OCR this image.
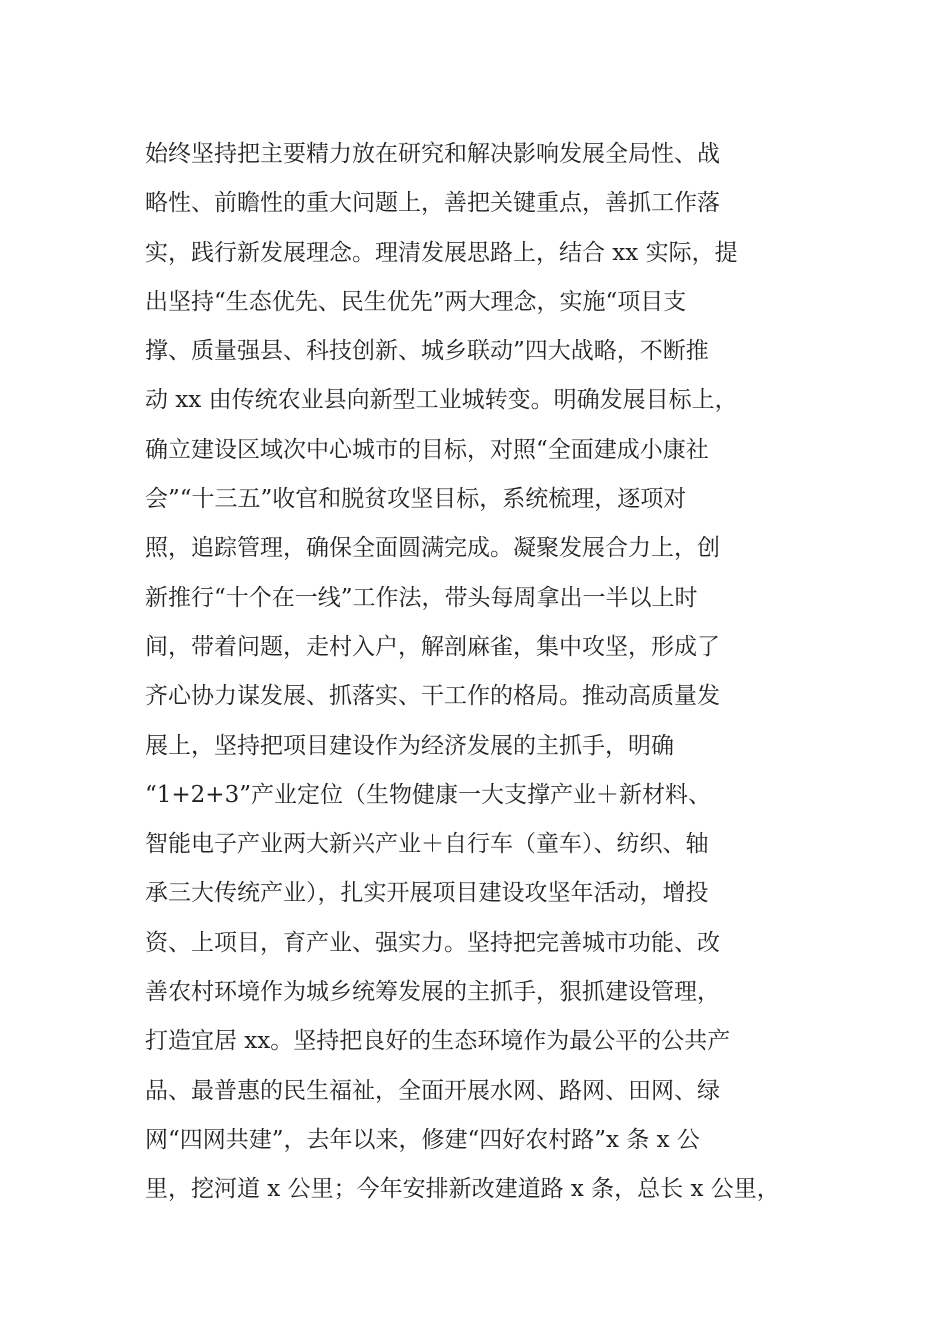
始终坚持把主要精力放在研究和解决影响发展全局性、战
略性、前瞻性的重大问题上，善把关键重点，善抓工作落
实，践行新发展理念。理清发展思路上，结合 xx 实际，提
出坚持“生态优先、民生优先”两大理念，实施“项目支
撑、质量强县、科技创新、城乡联动”四大战略，不断推
动 xx 由传统农业县向新型工业城转变。明确发展目标上，
确立建设区域次中心城市的目标，对照“全面建成小康社
会”“十三五”收官和脱贫攻坚目标，系统梳理，逐项对
照，追踪管理，确保全面圆满完成。凝聚发展合力上，创
新推行“十个在一线”工作法，带头每周拿出一半以上时
间，带着问题，走村入户，解剖麻雀，集中攻坚，形成了
齐心协力谋发展、抓落实、干工作的格局。推动高质量发
展上，坚持把项目建设作为经济发展的主抓手，明确
“1+2+3”产业定位（生物健康一大支撑产业＋新材料、
智能电子产业两大新兴产业＋自行车（童车）、纺织、轴
承三大传统产业），扎实开展项目建设攻坚年活动，增投
资、上项目，育产业、强实力。坚持把完善城市功能、改
善农村环境作为城乡统筹发展的主抓手，狠抓建设管理，
打造宜居 xx。坚持把良好的生态环境作为最公平的公共产
品、最普惠的民生福祉，全面开展水网、路网、田网、绿
网“四网共建”，去年以来，修建“四好农村路”x 条 x 公
里，挖河道 x 公里；今年安排新改建道路 x 条，总长 x 公里，
